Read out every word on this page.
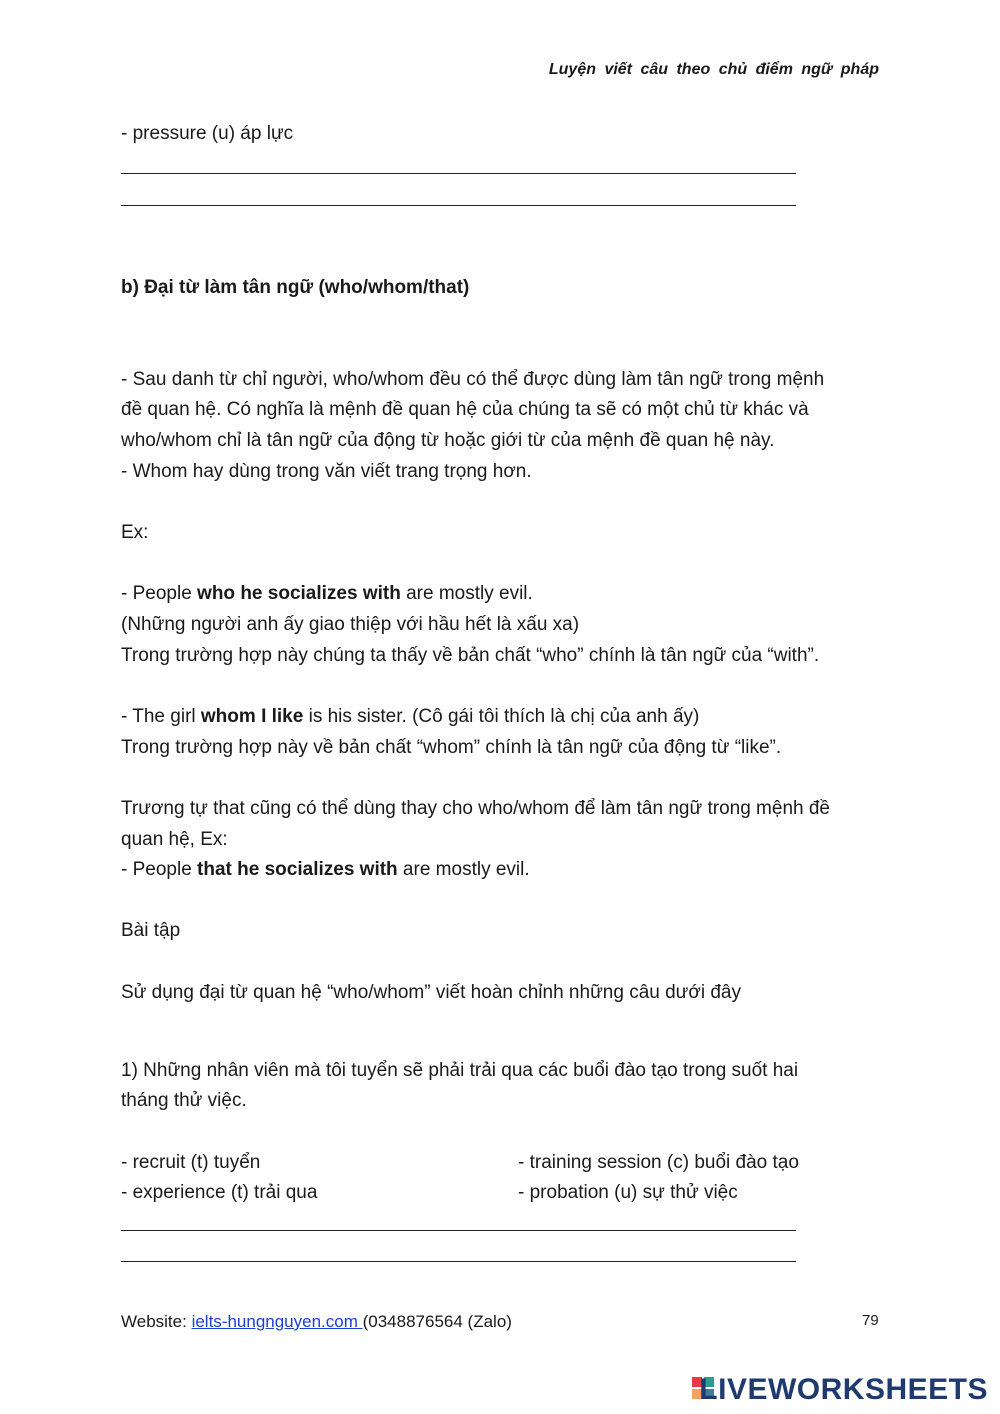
Luyện viết câu theo chủ điểm ngữ pháp
- pressure (u) áp lực
b) Đại từ làm tân ngữ (who/whom/that)
- Sau danh từ chỉ người, who/whom đều có thể được dùng làm tân ngữ trong mệnh
đề quan hệ. Có nghĩa là mệnh đề quan hệ của chúng ta sẽ có một chủ từ khác và
who/whom chỉ là tân ngữ của động từ hoặc giới từ của mệnh đề quan hệ này.
- Whom hay dùng trong văn viết trang trọng hơn.
Ex:
- People who he socializes with are mostly evil.
(Những người anh ấy giao thiệp với hầu hết là xấu xa)
Trong trường hợp này chúng ta thấy về bản chất “who” chính là tân ngữ của “with”.
- The girl whom I like is his sister. (Cô gái tôi thích là chị của anh ấy)
Trong trường hợp này về bản chất “whom” chính là tân ngữ của động từ “like”.
Trương tự that cũng có thể dùng thay cho who/whom để làm tân ngữ trong mệnh đề
quan hệ, Ex:
- People that he socializes with are mostly evil.
Bài tập
Sử dụng đại từ quan hệ “who/whom” viết hoàn chỉnh những câu dưới đây
1) Những nhân viên mà tôi tuyển sẽ phải trải qua các buổi đào tạo trong suốt hai
tháng thử việc.
- recruit (t) tuyển
- experience (t) trải qua
- training session (c) buổi đào tạo
- probation (u) sự thử việc
Website: ielts-hungnguyen.com (0348876564 (Zalo)	79
LIVEWORKSHEETS
